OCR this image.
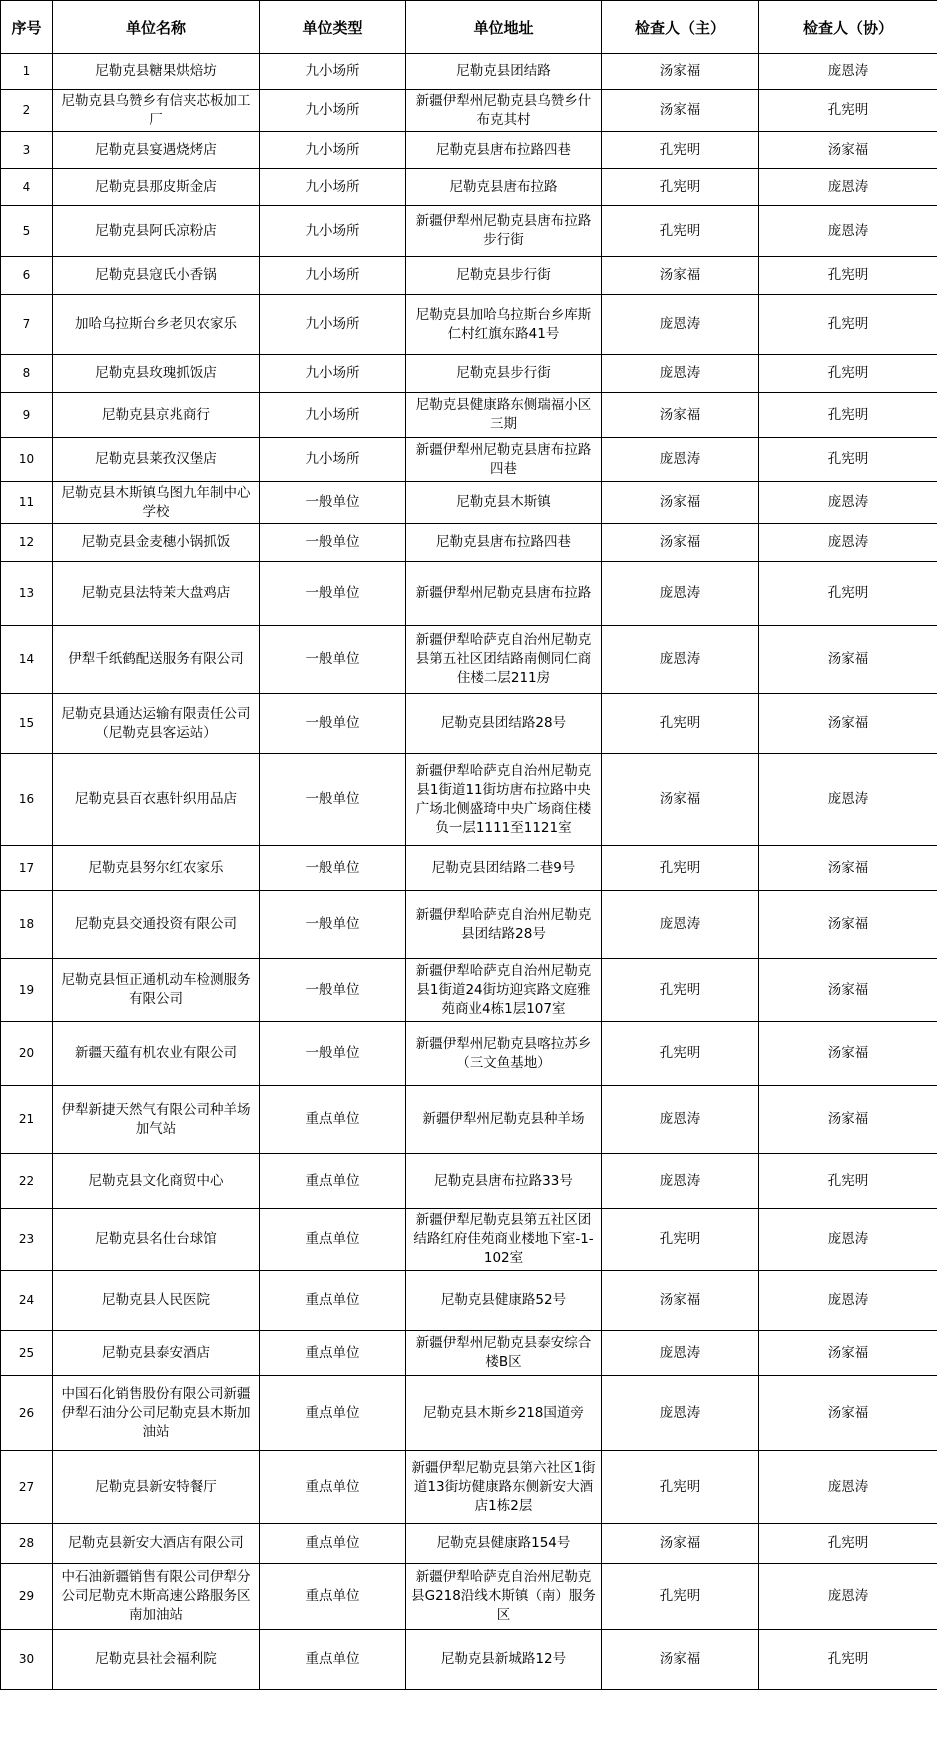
序号	单位名称	单位类型	单位地址	检查人（主）	检查人（协）
1	尼勒克县糖果烘焙坊	九小场所	尼勒克县团结路	汤家福	庞恩涛
2	尼勒克县乌赞乡有信夹芯板加工厂	九小场所	新疆伊犁州尼勒克县乌赞乡什布克其村	汤家福	孔宪明
3	尼勒克县宴遇烧烤店	九小场所	尼勒克县唐布拉路四巷	孔宪明	汤家福
4	尼勒克县那皮斯金店	九小场所	尼勒克县唐布拉路	孔宪明	庞恩涛
5	尼勒克县阿氏凉粉店	九小场所	新疆伊犁州尼勒克县唐布拉路步行街	孔宪明	庞恩涛
6	尼勒克县寇氏小香锅	九小场所	尼勒克县步行街	汤家福	孔宪明
7	加哈乌拉斯台乡老贝农家乐	九小场所	尼勒克县加哈乌拉斯台乡库斯仁村红旗东路41号	庞恩涛	孔宪明
8	尼勒克县玫瑰抓饭店	九小场所	尼勒克县步行街	庞恩涛	孔宪明
9	尼勒克县京兆商行	九小场所	尼勒克县健康路东侧瑞福小区三期	汤家福	孔宪明
10	尼勒克县莱孜汉堡店	九小场所	新疆伊犁州尼勒克县唐布拉路四巷	庞恩涛	孔宪明
11	尼勒克县木斯镇乌图九年制中心学校	一般单位	尼勒克县木斯镇	汤家福	庞恩涛
12	尼勒克县金麦穗小锅抓饭	一般单位	尼勒克县唐布拉路四巷	汤家福	庞恩涛
13	尼勒克县法特茉大盘鸡店	一般单位	新疆伊犁州尼勒克县唐布拉路	庞恩涛	孔宪明
14	伊犁千纸鹤配送服务有限公司	一般单位	新疆伊犁哈萨克自治州尼勒克县第五社区团结路南侧同仁商住楼二层211房	庞恩涛	汤家福
15	尼勒克县通达运输有限责任公司（尼勒克县客运站）	一般单位	尼勒克县团结路28号	孔宪明	汤家福
16	尼勒克县百衣惠针织用品店	一般单位	新疆伊犁哈萨克自治州尼勒克县1街道11街坊唐布拉路中央广场北侧盛琦中央广场商住楼负一层1111至1121室	汤家福	庞恩涛
17	尼勒克县努尔红农家乐	一般单位	尼勒克县团结路二巷9号	孔宪明	汤家福
18	尼勒克县交通投资有限公司	一般单位	新疆伊犁哈萨克自治州尼勒克县团结路28号	庞恩涛	汤家福
19	尼勒克县恒正通机动车检测服务有限公司	一般单位	新疆伊犁哈萨克自治州尼勒克县1街道24街坊迎宾路文庭雅苑商业4栋1层107室	孔宪明	汤家福
20	新疆天蕴有机农业有限公司	一般单位	新疆伊犁州尼勒克县喀拉苏乡（三文鱼基地）	孔宪明	汤家福
21	伊犁新捷天然气有限公司种羊场加气站	重点单位	新疆伊犁州尼勒克县种羊场	庞恩涛	汤家福
22	尼勒克县文化商贸中心	重点单位	尼勒克县唐布拉路33号	庞恩涛	孔宪明
23	尼勒克县名仕台球馆	重点单位	新疆伊犁尼勒克县第五社区团结路红府佳苑商业楼地下室-1-102室	孔宪明	庞恩涛
24	尼勒克县人民医院	重点单位	尼勒克县健康路52号	汤家福	庞恩涛
25	尼勒克县泰安酒店	重点单位	新疆伊犁州尼勒克县泰安综合楼B区	庞恩涛	汤家福
26	中国石化销售股份有限公司新疆伊犁石油分公司尼勒克县木斯加油站	重点单位	尼勒克县木斯乡218国道旁	庞恩涛	汤家福
27	尼勒克县新安特餐厅	重点单位	新疆伊犁尼勒克县第六社区1街道13街坊健康路东侧新安大酒店1栋2层	孔宪明	庞恩涛
28	尼勒克县新安大酒店有限公司	重点单位	尼勒克县健康路154号	汤家福	孔宪明
29	中石油新疆销售有限公司伊犁分公司尼勒克木斯高速公路服务区南加油站	重点单位	新疆伊犁哈萨克自治州尼勒克县G218沿线木斯镇（南）服务区	孔宪明	庞恩涛
30	尼勒克县社会福利院	重点单位	尼勒克县新城路12号	汤家福	孔宪明
